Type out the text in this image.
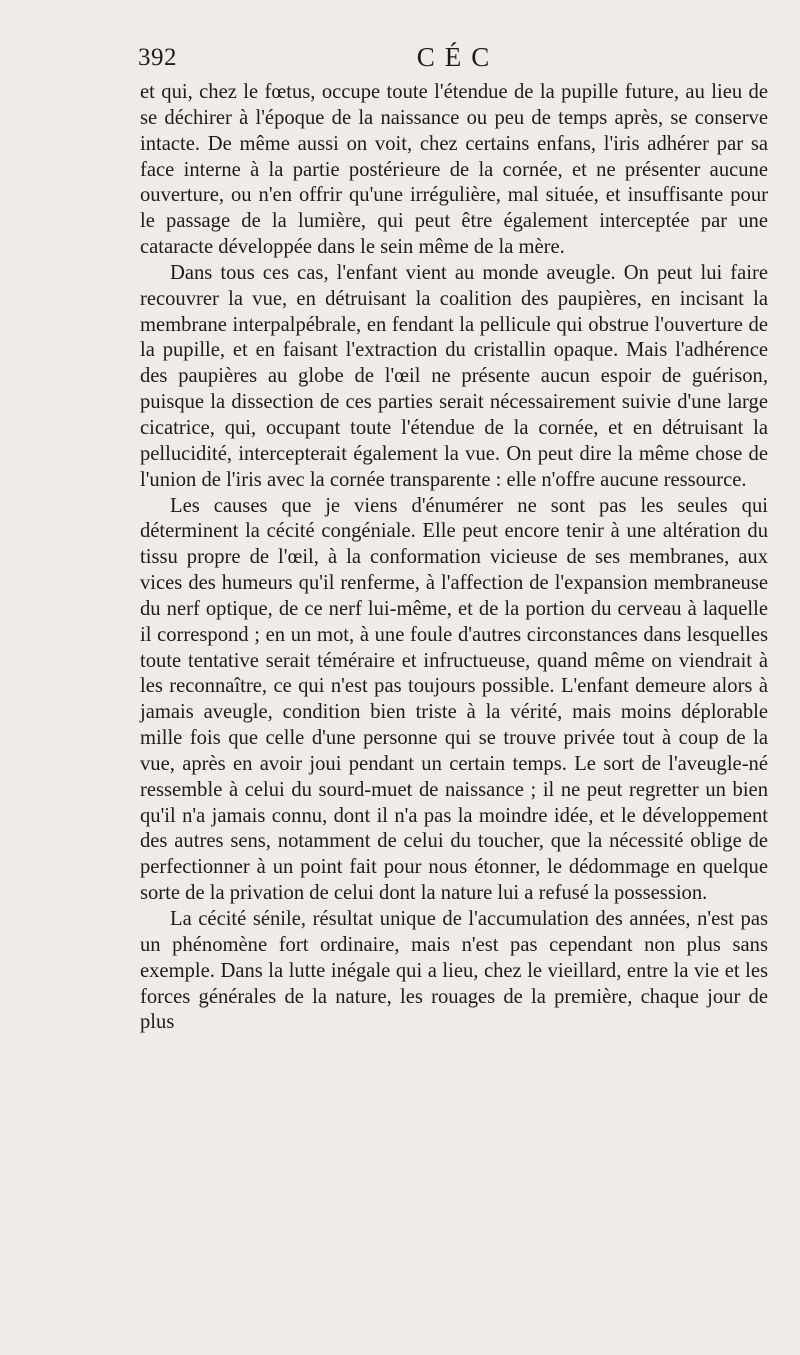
392	CÉC

et qui, chez le fœtus, occupe toute l'étendue de la pupille future, au lieu de se déchirer à l'époque de la naissance ou peu de temps après, se conserve intacte. De même aussi on voit, chez certains enfans, l'iris adhérer par sa face interne à la partie postérieure de la cornée, et ne présenter aucune ouverture, ou n'en offrir qu'une irrégulière, mal située, et insuffisante pour le passage de la lumière, qui peut être également interceptée par une cataracte développée dans le sein même de la mère.

Dans tous ces cas, l'enfant vient au monde aveugle. On peut lui faire recouvrer la vue, en détruisant la coalition des paupières, en incisant la membrane interpalpébrale, en fendant la pellicule qui obstrue l'ouverture de la pupille, et en faisant l'extraction du cristallin opaque. Mais l'adhérence des paupières au globe de l'œil ne présente aucun espoir de guérison, puisque la dissection de ces parties serait nécessairement suivie d'une large cicatrice, qui, occupant toute l'étendue de la cornée, et en détruisant la pellucidité, intercepterait également la vue. On peut dire la même chose de l'union de l'iris avec la cornée transparente : elle n'offre aucune ressource.

Les causes que je viens d'énumérer ne sont pas les seules qui déterminent la cécité congéniale. Elle peut encore tenir à une altération du tissu propre de l'œil, à la conformation vicieuse de ses membranes, aux vices des humeurs qu'il renferme, à l'affection de l'expansion membraneuse du nerf optique, de ce nerf lui-même, et de la portion du cerveau à laquelle il correspond ; en un mot, à une foule d'autres circonstances dans lesquelles toute tentative serait téméraire et infructueuse, quand même on viendrait à les reconnaître, ce qui n'est pas toujours possible. L'enfant demeure alors à jamais aveugle, condition bien triste à la vérité, mais moins déplorable mille fois que celle d'une personne qui se trouve privée tout à coup de la vue, après en avoir joui pendant un certain temps. Le sort de l'aveugle-né ressemble à celui du sourd-muet de naissance ; il ne peut regretter un bien qu'il n'a jamais connu, dont il n'a pas la moindre idée, et le développement des autres sens, notamment de celui du toucher, que la nécessité oblige de perfectionner à un point fait pour nous étonner, le dédommage en quelque sorte de la privation de celui dont la nature lui a refusé la possession.

La cécité sénile, résultat unique de l'accumulation des années, n'est pas un phénomène fort ordinaire, mais n'est pas cependant non plus sans exemple. Dans la lutte inégale qui a lieu, chez le vieillard, entre la vie et les forces générales de la nature, les rouages de la première, chaque jour de plus
